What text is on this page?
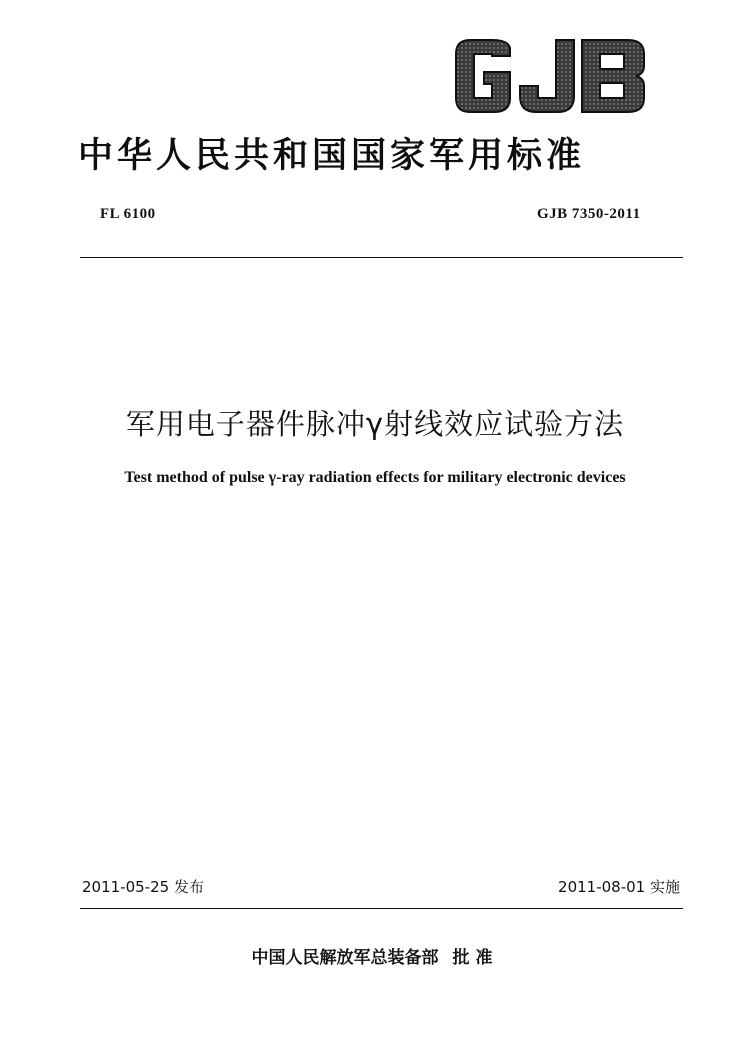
中华人民共和国国家军用标准
FL 6100	GJB 7350-2011
军用电子器件脉冲γ射线效应试验方法
Test method of pulse γ-ray radiation effects for military electronic devices
2011-05-25 发布	2011-08-01 实施
中国人民解放军总装备部 批准
